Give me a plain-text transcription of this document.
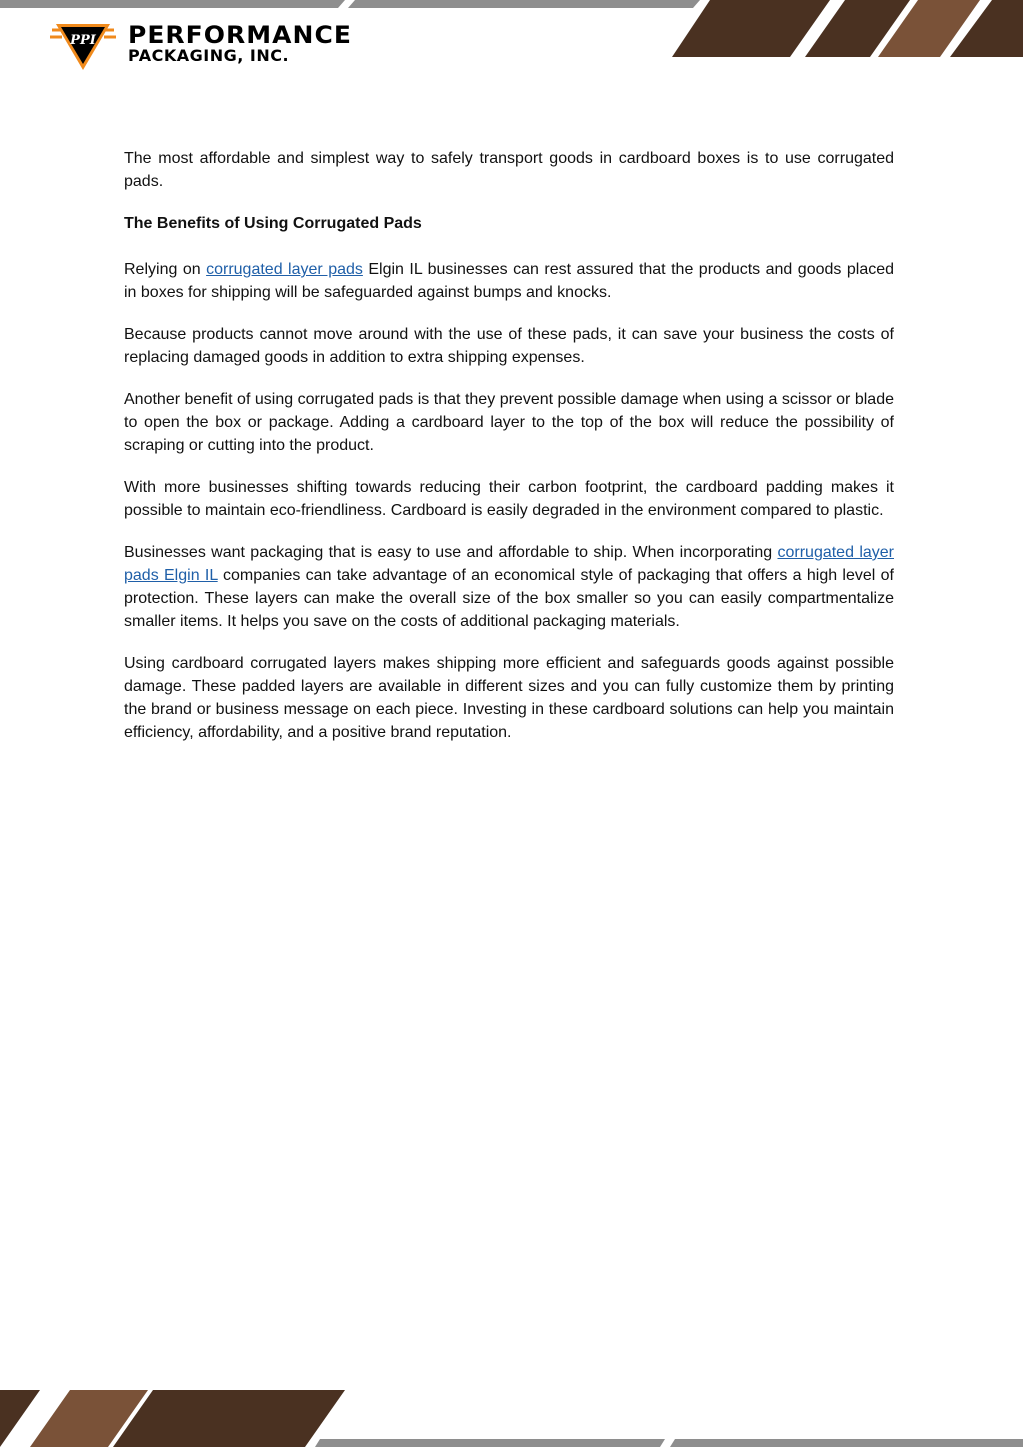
PPI PERFORMANCE
PACKAGING, INC.

The most affordable and simplest way to safely transport goods in cardboard boxes is to use corrugated pads.

The Benefits of Using Corrugated Pads

Relying on corrugated layer pads Elgin IL businesses can rest assured that the products and goods placed in boxes for shipping will be safeguarded against bumps and knocks.

Because products cannot move around with the use of these pads, it can save your business the costs of replacing damaged goods in addition to extra shipping expenses.

Another benefit of using corrugated pads is that they prevent possible damage when using a scissor or blade to open the box or package. Adding a cardboard layer to the top of the box will reduce the possibility of scraping or cutting into the product.

With more businesses shifting towards reducing their carbon footprint, the cardboard padding makes it possible to maintain eco-friendliness. Cardboard is easily degraded in the environment compared to plastic.

Businesses want packaging that is easy to use and affordable to ship. When incorporating corrugated layer pads Elgin IL companies can take advantage of an economical style of packaging that offers a high level of protection. These layers can make the overall size of the box smaller so you can easily compartmentalize smaller items. It helps you save on the costs of additional packaging materials.

Using cardboard corrugated layers makes shipping more efficient and safeguards goods against possible damage. These padded layers are available in different sizes and you can fully customize them by printing the brand or business message on each piece. Investing in these cardboard solutions can help you maintain efficiency, affordability, and a positive brand reputation.
